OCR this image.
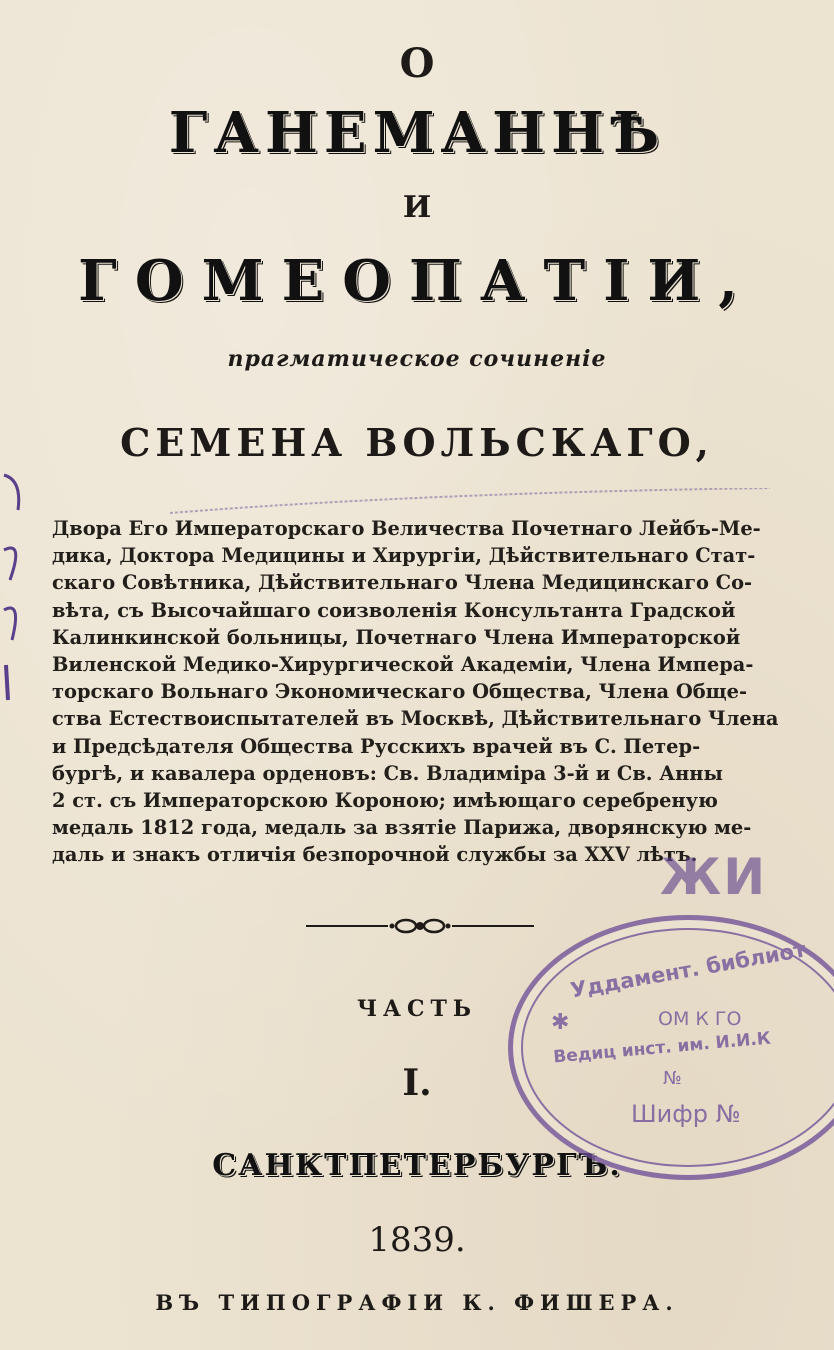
О
ГАНЕМАННѢ
И
ГОМЕОПАТІИ,
прагматическое сочиненіе
СЕМЕНА ВОЛЬСКАГО,
Двора Его Императорскаго Величества Почетнаго Лейбъ-Ме-
дика, Доктора Медицины и Хирургіи, Дѣйствительнаго Стат-
скаго Совѣтника, Дѣйствительнаго Члена Медицинскаго Со-
вѣта, съ Высочайшаго соизволенія Консультанта Градской
Калинкинской больницы, Почетнаго Члена Императорской
Виленской Медико-Хирургической Академіи, Члена Импера-
торскаго Вольнаго Экономическаго Общества, Члена Обще-
ства Естествоиспытателей въ Москвѣ, Дѣйствительнаго Члена
и Предсѣдателя Общества Русскихъ врачей въ С. Петер-
бургѣ, и кавалера орденовъ: Св. Владиміра 3-й и Св. Анны
2 ст. съ Императорскою Короною; имѣющаго серебреную
медаль 1812 года, медаль за взятіе Парижа, дворянскую ме-
даль и знакъ отличія безпорочной службы за XXV лѣтъ.
ЖИ
ЧАСТЬ
I.
САНКТПЕТЕРБУРГЪ.
1839.
ВЪ ТИПОГРАФІИ К. ФИШЕРА.
Уддамент. библиот
✱	ОМ К ГО
Ведиц инст. им. И.И.К
№
Шифр №
